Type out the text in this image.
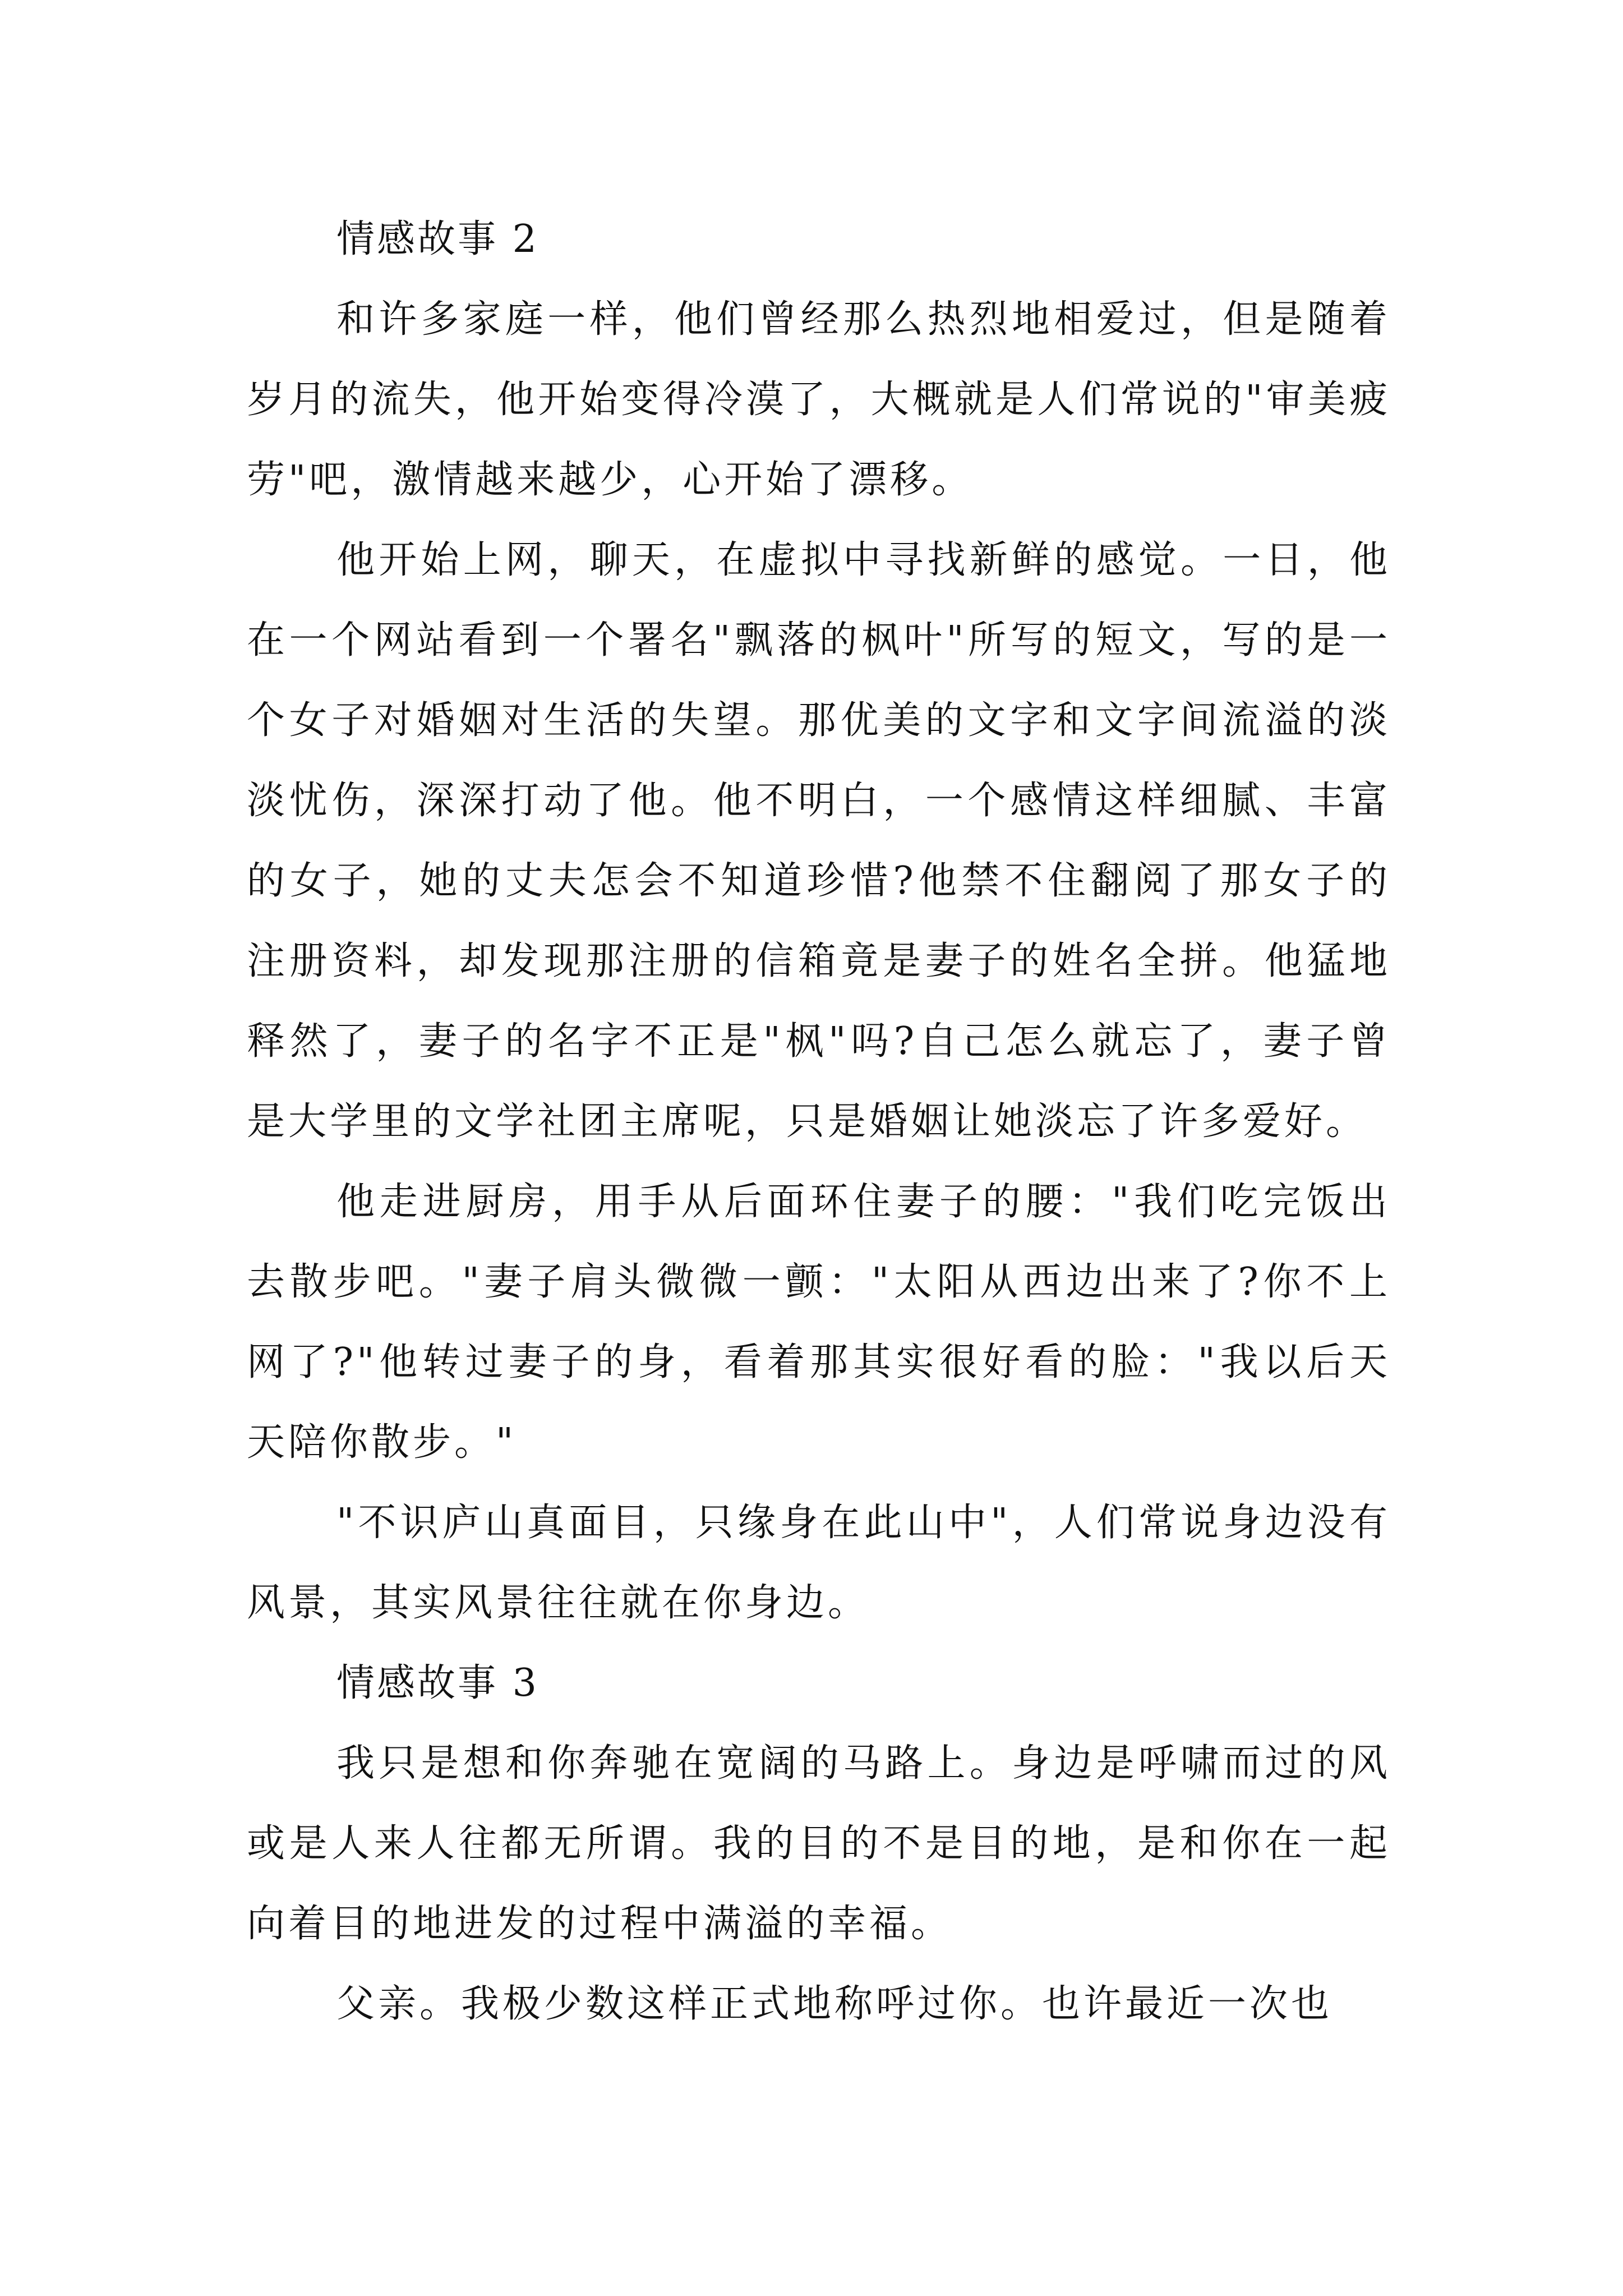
情感故事 2

和许多家庭一样，他们曾经那么热烈地相爱过，但是随着岁月的流失，他开始变得冷漠了，大概就是人们常说的"审美疲劳"吧，激情越来越少，心开始了漂移。

他开始上网，聊天，在虚拟中寻找新鲜的感觉。一日，他在一个网站看到一个署名"飘落的枫叶"所写的短文，写的是一个女子对婚姻对生活的失望。那优美的文字和文字间流溢的淡淡忧伤，深深打动了他。他不明白，一个感情这样细腻、丰富的女子，她的丈夫怎会不知道珍惜?他禁不住翻阅了那女子的注册资料，却发现那注册的信箱竟是妻子的姓名全拼。他猛地释然了，妻子的名字不正是"枫"吗?自己怎么就忘了，妻子曾是大学里的文学社团主席呢，只是婚姻让她淡忘了许多爱好。

他走进厨房，用手从后面环住妻子的腰："我们吃完饭出去散步吧。"妻子肩头微微一颤："太阳从西边出来了?你不上网了?"他转过妻子的身，看着那其实很好看的脸："我以后天天陪你散步。"

"不识庐山真面目，只缘身在此山中"，人们常说身边没有风景，其实风景往往就在你身边。

情感故事 3

我只是想和你奔驰在宽阔的马路上。身边是呼啸而过的风或是人来人往都无所谓。我的目的不是目的地，是和你在一起向着目的地进发的过程中满溢的幸福。

父亲。我极少数这样正式地称呼过你。也许最近一次也
